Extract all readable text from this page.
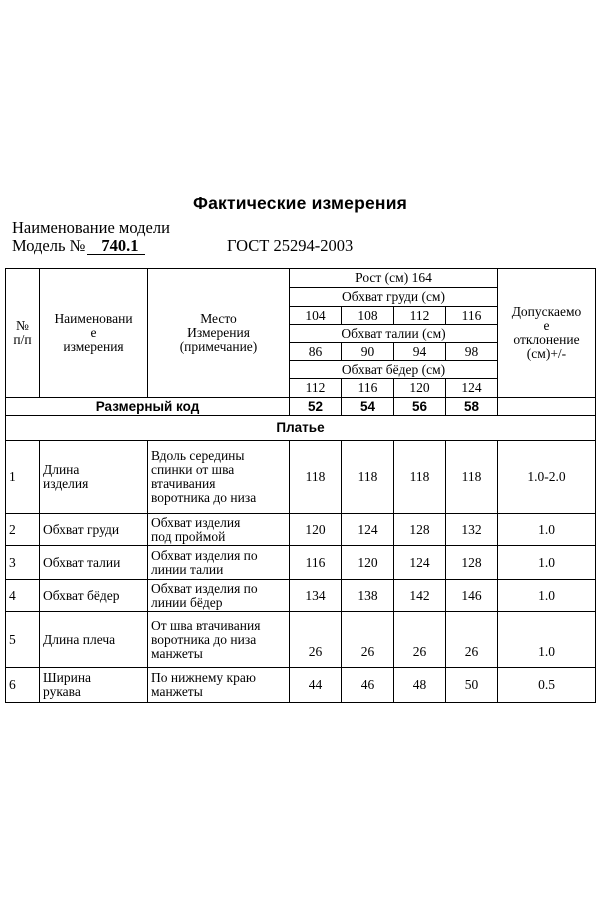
Фактические измерения
Наименование модели
Модель № 740.1	ГОСТ 25294-2003
№
п/п	Наименовани
е
измерения	Место
Измерения
(примечание)	Рост (см) 164				Допускаемо
е
отклонение
(см)+/-
			Обхват груди (см)				
			104	108	112	116	
			Обхват талии (см)				
			86	90	94	98	
			Обхват бёдер (см)				
			112	116	120	124	
Размерный код			52	54	56	58	
Платье							
1	Длина
изделия	Вдоль середины
спинки от шва
втачивания
воротника до низа	118	118	118	118	1.0-2.0
2	Обхват груди	Обхват изделия
под проймой	120	124	128	132	1.0
3	Обхват талии	Обхват изделия по
линии талии	116	120	124	128	1.0
4	Обхват бёдер	Обхват изделия по
линии бёдер	134	138	142	146	1.0
5	Длина плеча	От шва втачивания
воротника до низа
манжеты	26	26	26	26	1.0
6	Ширина
рукава	По нижнему краю
манжеты	44	46	48	50	0.5
